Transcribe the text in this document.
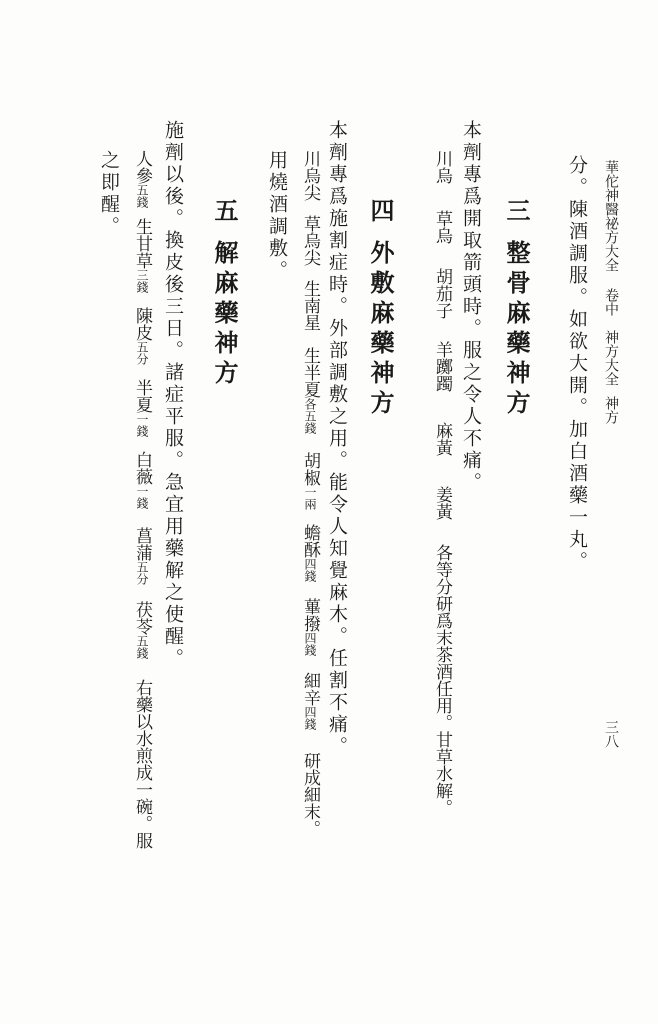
華佗神醫祕方大全卷中神方大全神方
三八
分。陳酒調服。如欲大開。加白酒藥一丸。
三
整骨麻藥神方
本劑專爲開取箭頭時。服之令人不痛。
川烏草烏胡茄子羊躑躅麻黃姜黃各等分研爲末茶酒任用。甘草水解。
四
外敷麻藥神方
本劑專爲施割症時。外部調敷之用。能令人知覺麻木。任割不痛。
川烏尖草烏尖生南星生半夏各五錢胡椒一兩蟾酥四錢蓽撥四錢細辛四錢研成細末。
用燒酒調敷。
五
解麻藥神方
施劑以後。換皮後三日。諸症平服。急宜用藥解之使醒。
人參五錢生甘草三錢陳皮五分半夏一錢白薇一錢菖蒲五分茯苓五錢右藥以水煎成一碗。服
之即醒。
